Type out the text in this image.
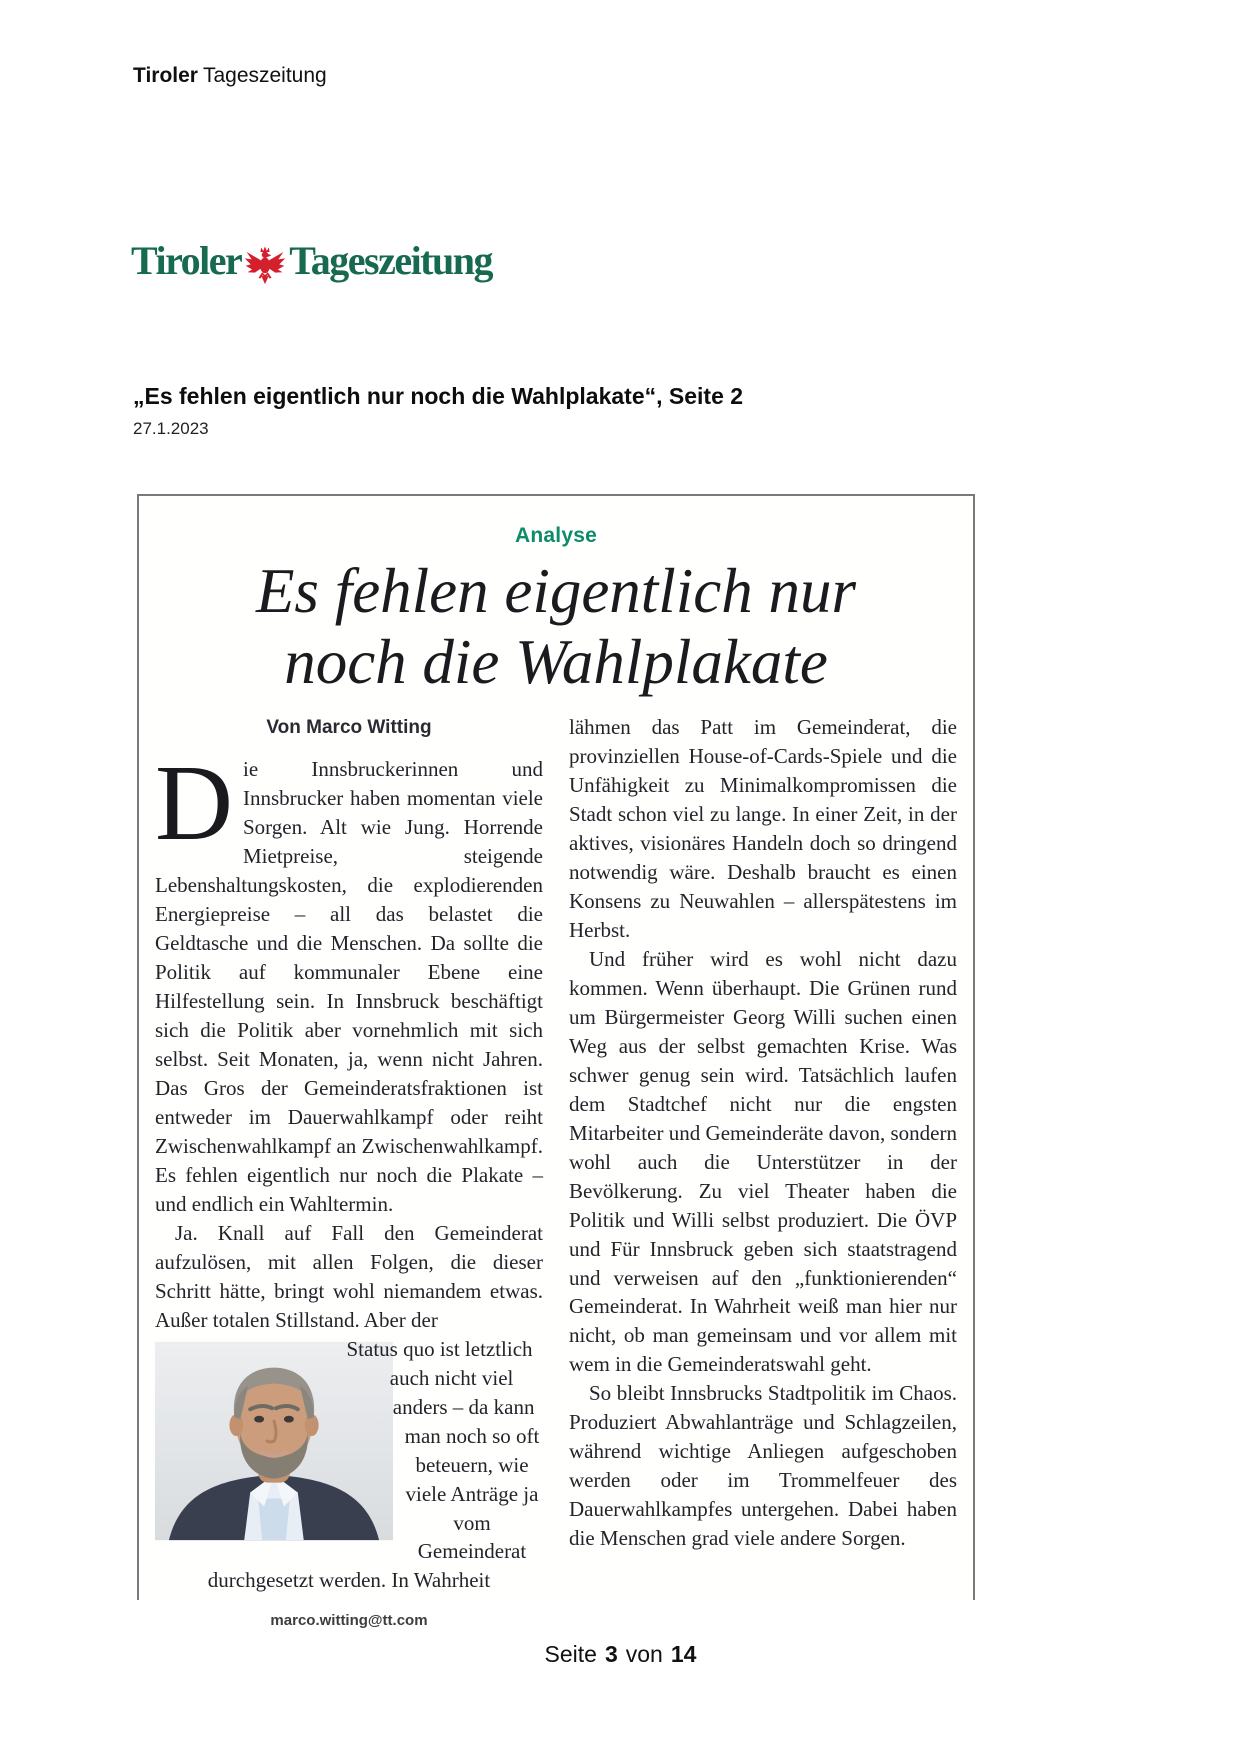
Tiroler Tageszeitung
Tiroler Tageszeitung
„Es fehlen eigentlich nur noch die Wahlplakate“, Seite 2
27.1.2023
Analyse
Es fehlen eigentlich nur
noch die Wahlplakate
Von Marco Witting

Die Innsbruckerinnen und Innsbrucker haben momentan viele Sorgen. Alt wie Jung. Horrende Mietpreise, steigende Lebenshaltungskosten, die explodierenden Energiepreise – all das belastet die Geldtasche und die Menschen. Da sollte die Politik auf kommunaler Ebene eine Hilfestellung sein. In Innsbruck beschäftigt sich die Politik aber vornehmlich mit sich selbst. Seit Monaten, ja, wenn nicht Jahren. Das Gros der Gemeinderatsfraktionen ist entweder im Dauerwahlkampf oder reiht Zwischenwahlkampf an Zwischenwahlkampf. Es fehlen eigentlich nur noch die Plakate – und endlich ein Wahltermin.

Ja. Knall auf Fall den Gemeinderat aufzulösen, mit allen Folgen, die dieser Schritt hätte, bringt wohl niemandem etwas. Außer totalen Stillstand. Aber der

Status quo ist letztlich auch nicht viel anders – da kann man noch so oft beteuern, wie viele Anträge ja vom Gemeinderat durchgesetzt werden. In Wahrheit

marco.witting@tt.com

lähmen das Patt im Gemeinderat, die provinziellen House-of-Cards-Spiele und die Unfähigkeit zu Minimalkompromissen die Stadt schon viel zu lange. In einer Zeit, in der aktives, visionäres Handeln doch so dringend notwendig wäre. Deshalb braucht es einen Konsens zu Neuwahlen – allerspätestens im Herbst.

Und früher wird es wohl nicht dazu kommen. Wenn überhaupt. Die Grünen rund um Bürgermeister Georg Willi suchen einen Weg aus der selbst gemachten Krise. Was schwer genug sein wird. Tatsächlich laufen dem Stadtchef nicht nur die engsten Mitarbeiter und Gemeinderäte davon, sondern wohl auch die Unterstützer in der Bevölkerung. Zu viel Theater haben die Politik und Willi selbst produziert. Die ÖVP und Für Innsbruck geben sich staatstragend und verweisen auf den „funktionierenden“ Gemeinderat. In Wahrheit weiß man hier nur nicht, ob man gemeinsam und vor allem mit wem in die Gemeinderatswahl geht.

So bleibt Innsbrucks Stadtpolitik im Chaos. Produziert Abwahlanträge und Schlagzeilen, während wichtige Anliegen aufgeschoben werden oder im Trommelfeuer des Dauerwahlkampfes untergehen. Dabei haben die Menschen grad viele andere Sorgen.

Seite 3 von 14
